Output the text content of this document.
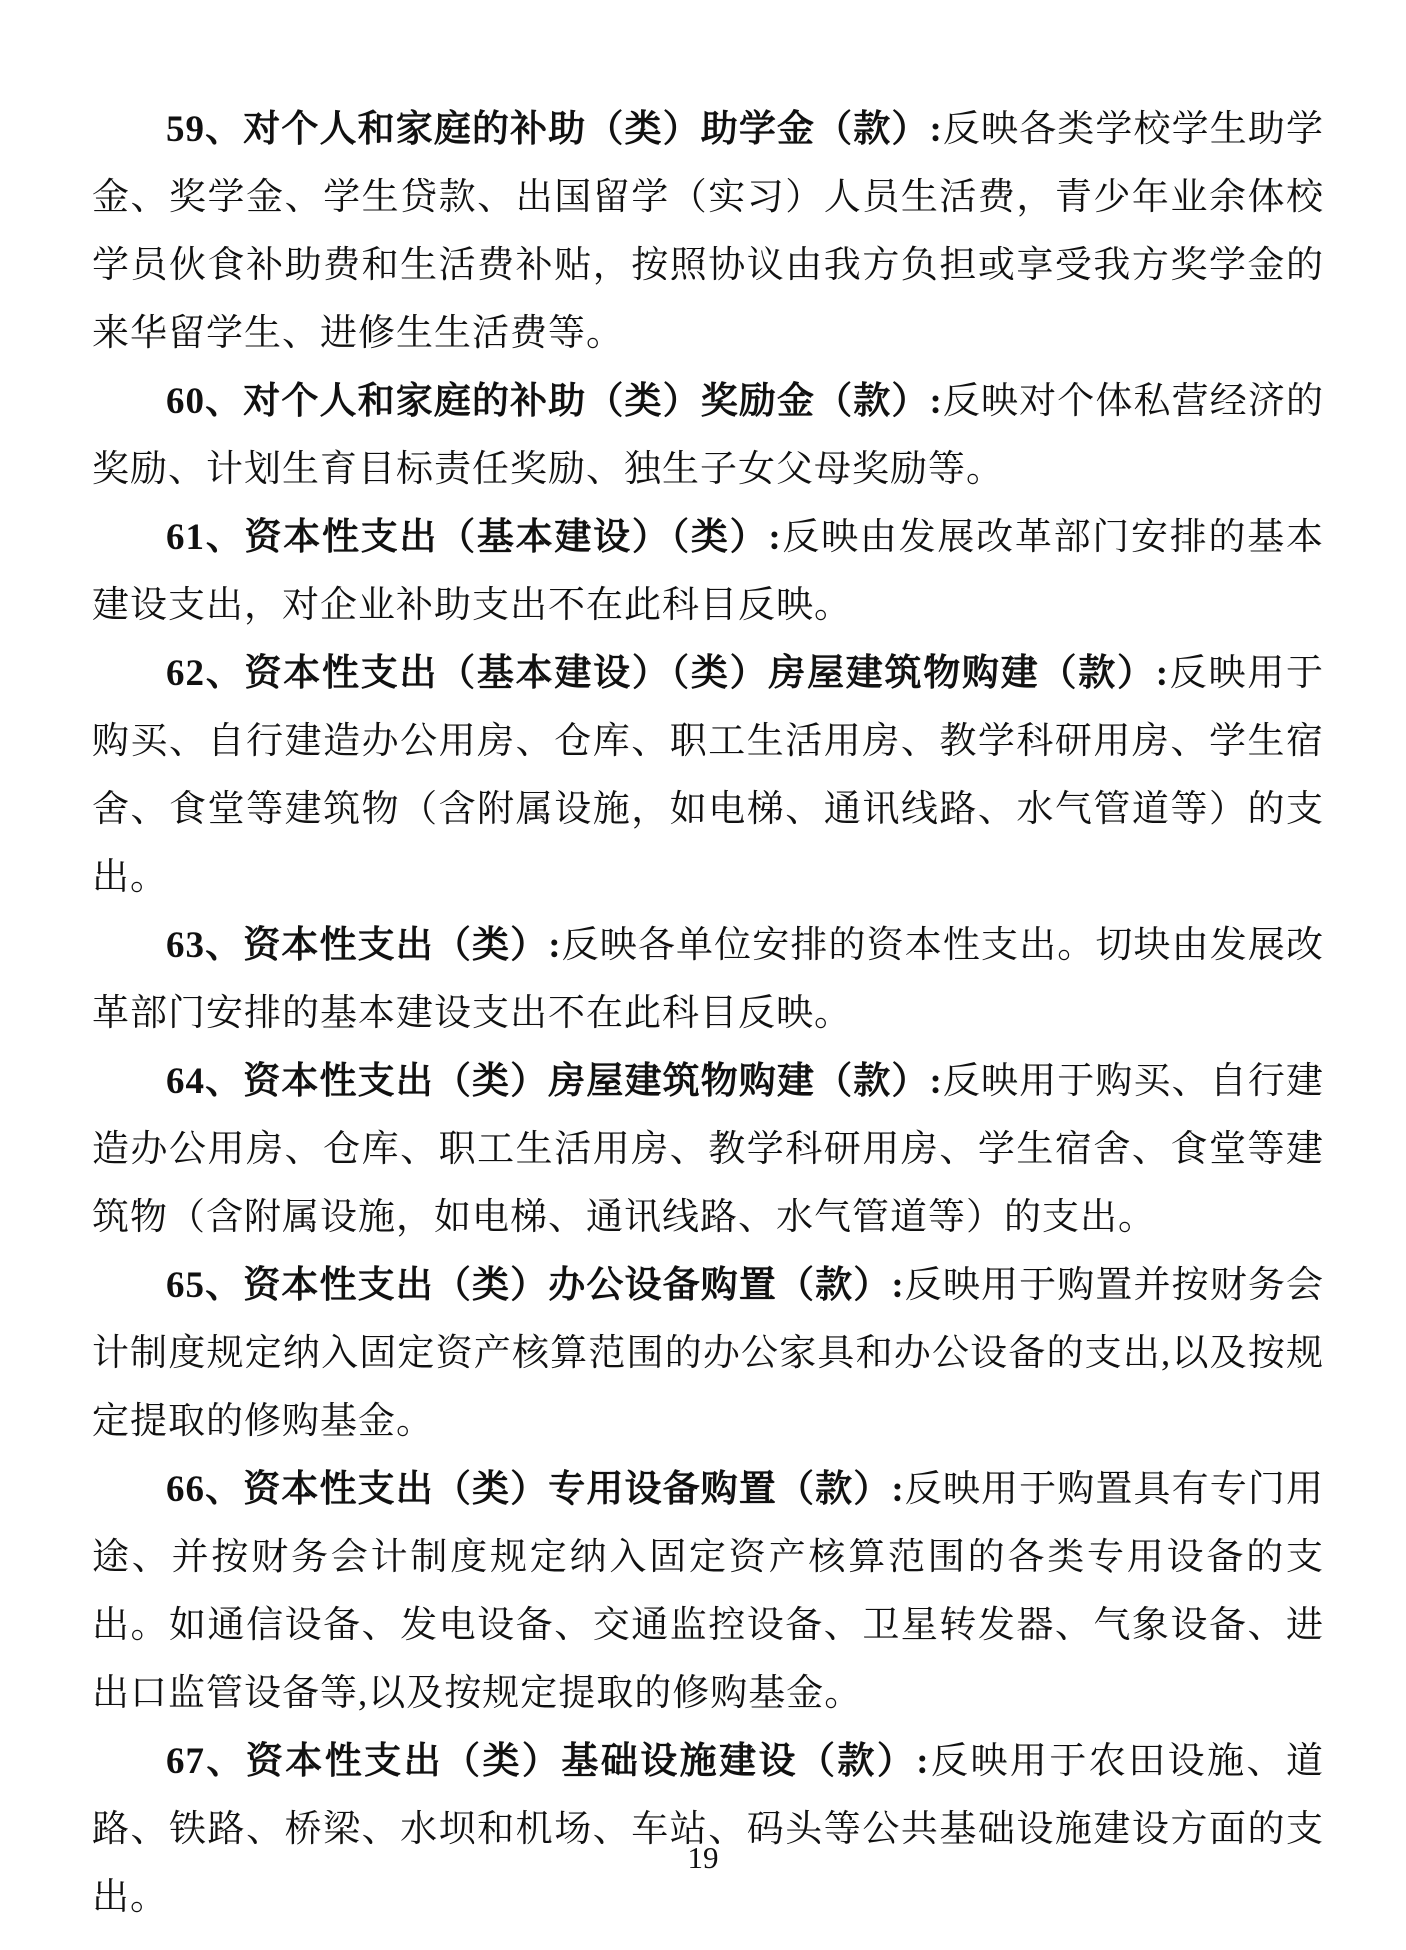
59、对个人和家庭的补助（类）助学金（款）:反映各类学校学生助学金、奖学金、学生贷款、出国留学（实习）人员生活费，青少年业余体校学员伙食补助费和生活费补贴，按照协议由我方负担或享受我方奖学金的来华留学生、进修生生活费等。

60、对个人和家庭的补助（类）奖励金（款）:反映对个体私营经济的奖励、计划生育目标责任奖励、独生子女父母奖励等。

61、资本性支出（基本建设）（类）:反映由发展改革部门安排的基本建设支出，对企业补助支出不在此科目反映。

62、资本性支出（基本建设）（类）房屋建筑物购建（款）:反映用于购买、自行建造办公用房、仓库、职工生活用房、教学科研用房、学生宿舍、食堂等建筑物（含附属设施，如电梯、通讯线路、水气管道等）的支出。

63、资本性支出（类）:反映各单位安排的资本性支出。切块由发展改革部门安排的基本建设支出不在此科目反映。

64、资本性支出（类）房屋建筑物购建（款）:反映用于购买、自行建造办公用房、仓库、职工生活用房、教学科研用房、学生宿舍、食堂等建筑物（含附属设施，如电梯、通讯线路、水气管道等）的支出。

65、资本性支出（类）办公设备购置（款）:反映用于购置并按财务会计制度规定纳入固定资产核算范围的办公家具和办公设备的支出,以及按规定提取的修购基金。

66、资本性支出（类）专用设备购置（款）:反映用于购置具有专门用途、并按财务会计制度规定纳入固定资产核算范围的各类专用设备的支出。如通信设备、发电设备、交通监控设备、卫星转发器、气象设备、进出口监管设备等,以及按规定提取的修购基金。

67、资本性支出（类）基础设施建设（款）:反映用于农田设施、道路、铁路、桥梁、水坝和机场、车站、码头等公共基础设施建设方面的支出。

19
